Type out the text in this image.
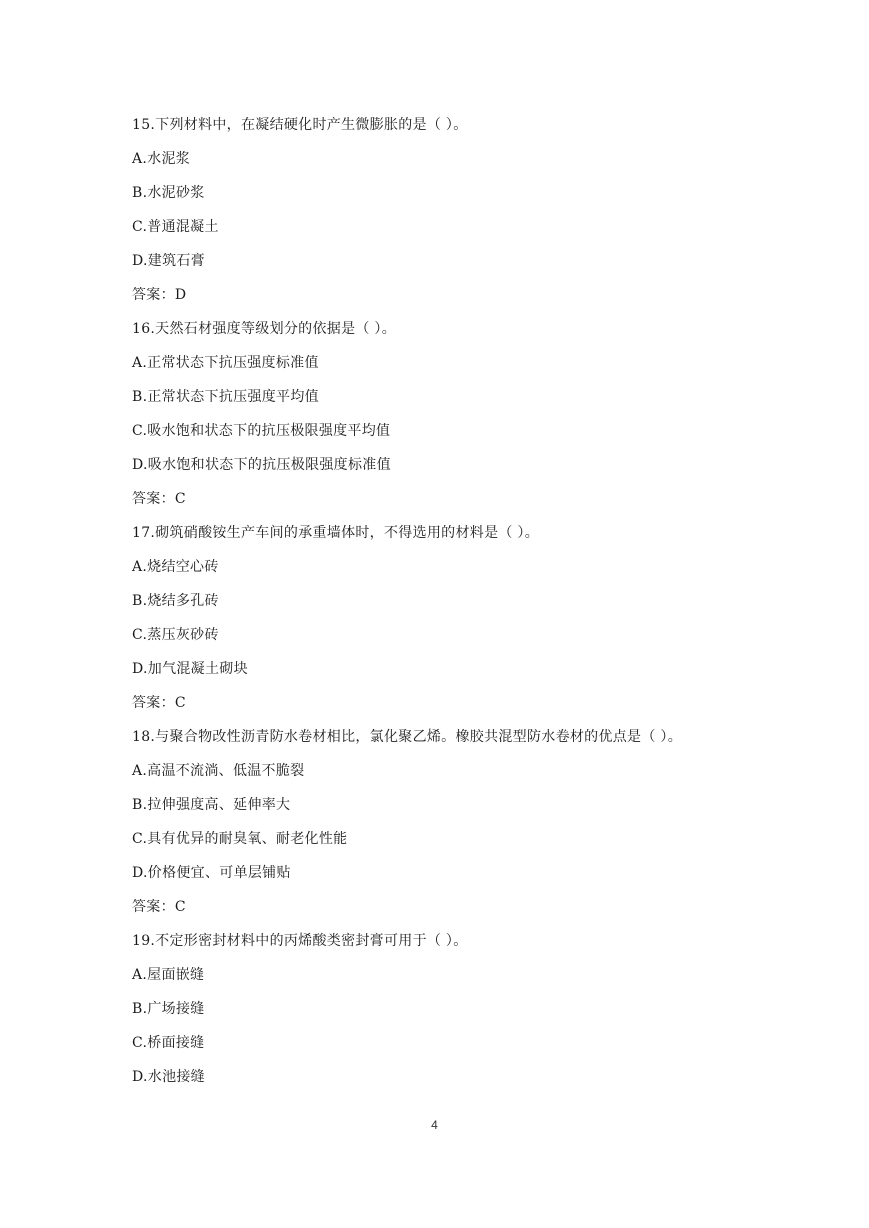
15.下列材料中，在凝结硬化时产生微膨胀的是（ ）。

A.水泥浆

B.水泥砂浆

C.普通混凝土

D.建筑石膏

答案：D

16.天然石材强度等级划分的依据是（ ）。

A.正常状态下抗压强度标准值

B.正常状态下抗压强度平均值

C.吸水饱和状态下的抗压极限强度平均值

D.吸水饱和状态下的抗压极限强度标准值

答案：C

17.砌筑硝酸铵生产车间的承重墙体时，不得选用的材料是（ ）。

A.烧结空心砖

B.烧结多孔砖

C.蒸压灰砂砖

D.加气混凝土砌块

答案：C

18.与聚合物改性沥青防水卷材相比，氯化聚乙烯。橡胶共混型防水卷材的优点是（ ）。

A.高温不流淌、低温不脆裂

B.拉伸强度高、延伸率大

C.具有优异的耐臭氧、耐老化性能

D.价格便宜、可单层铺贴

答案：C

19.不定形密封材料中的丙烯酸类密封膏可用于（ ）。

A.屋面嵌缝

B.广场接缝

C.桥面接缝

D.水池接缝

4
